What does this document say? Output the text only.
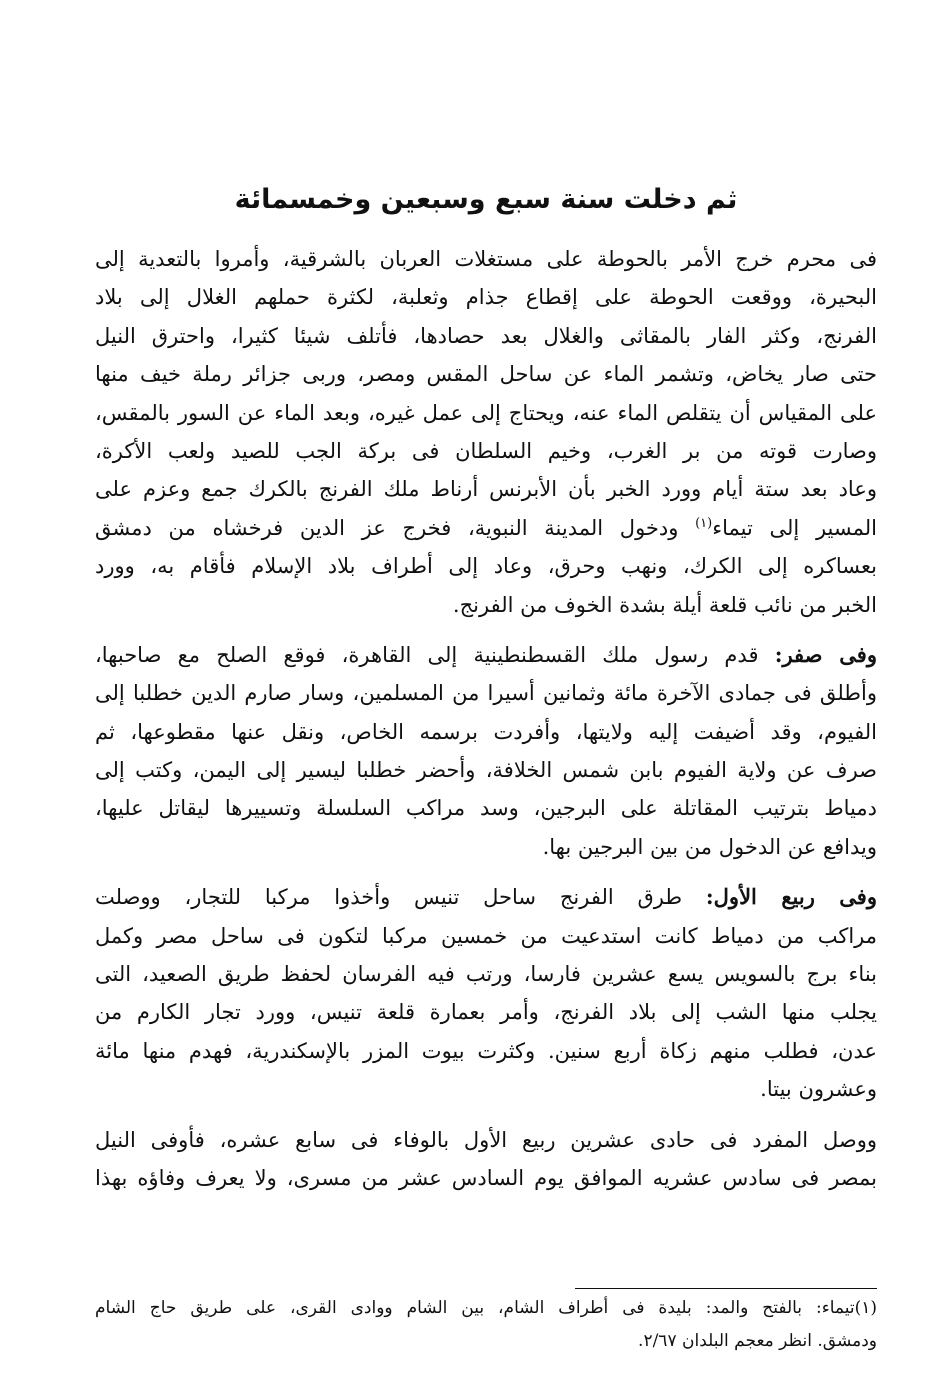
ثم دخلت سنة سبع وسبعين وخمسمائة
فى محرم خرج الأمر بالحوطة على مستغلات العربان بالشرقية، وأمروا بالتعدية إلى
البحيرة، ووقعت الحوطة على إقطاع جذام وثعلبة، لكثرة حملهم الغلال إلى بلاد
الفرنج، وكثر الفار بالمقاثى والغلال بعد حصادها، فأتلف شيئا كثيرا، واحترق النيل
حتى صار يخاض، وتشمر الماء عن ساحل المقس ومصر، وربى جزائر رملة خيف منها
على المقياس أن يتقلص الماء عنه، ويحتاج إلى عمل غيره، وبعد الماء عن السور بالمقس،
وصارت قوته من بر الغرب، وخيم السلطان فى بركة الجب للصيد ولعب الأكرة،
وعاد بعد ستة أيام وورد الخبر بأن الأبرنس أرناط ملك الفرنج بالكرك جمع وعزم على
المسير إلى تيماء$^{(١)}$ ودخول المدينة النبوية، فخرج عز الدين فرخشاه من دمشق
بعساكره إلى الكرك، ونهب وحرق، وعاد إلى أطراف بلاد الإسلام فأقام به، وورد
الخبر من نائب قلعة أيلة بشدة الخوف من الفرنج.
وفى صفر: قدم رسول ملك القسطنطينية إلى القاهرة، فوقع الصلح مع صاحبها،
وأطلق فى جمادى الآخرة مائة وثمانين أسيرا من المسلمين، وسار صارم الدين خطلبا إلى
الفيوم، وقد أضيفت إليه ولايتها، وأفردت برسمه الخاص، ونقل عنها مقطوعها، ثم
صرف عن ولاية الفيوم بابن شمس الخلافة، وأحضر خطلبا ليسير إلى اليمن، وكتب إلى
دمياط بترتيب المقاتلة على البرجين، وسد مراكب السلسلة وتسييرها ليقاتل عليها،
ويدافع عن الدخول من بين البرجين بها.
وفى ربيع الأول: طرق الفرنج ساحل تنيس وأخذوا مركبا للتجار، ووصلت
مراكب من دمياط كانت استدعيت من خمسين مركبا لتكون فى ساحل مصر وكمل
بناء برج بالسويس يسع عشرين فارسا، ورتب فيه الفرسان لحفظ طريق الصعيد، التى
يجلب منها الشب إلى بلاد الفرنج، وأمر بعمارة قلعة تنيس، وورد تجار الكارم من
عدن، فطلب منهم زكاة أربع سنين. وكثرت بيوت المزر بالإسكندرية، فهدم منها مائة
وعشرون بيتا.
ووصل المفرد فى حادى عشرين ربيع الأول بالوفاء فى سابع عشره، فأوفى النيل
بمصر فى سادس عشريه الموافق يوم السادس عشر من مسرى، ولا يعرف وفاؤه بهذا
(١)تيماء: بالفتح والمد: بليدة فى أطراف الشام، بين الشام ووادى القرى، على طريق حاج الشام
ودمشق. انظر معجم البلدان ٢/٦٧.
